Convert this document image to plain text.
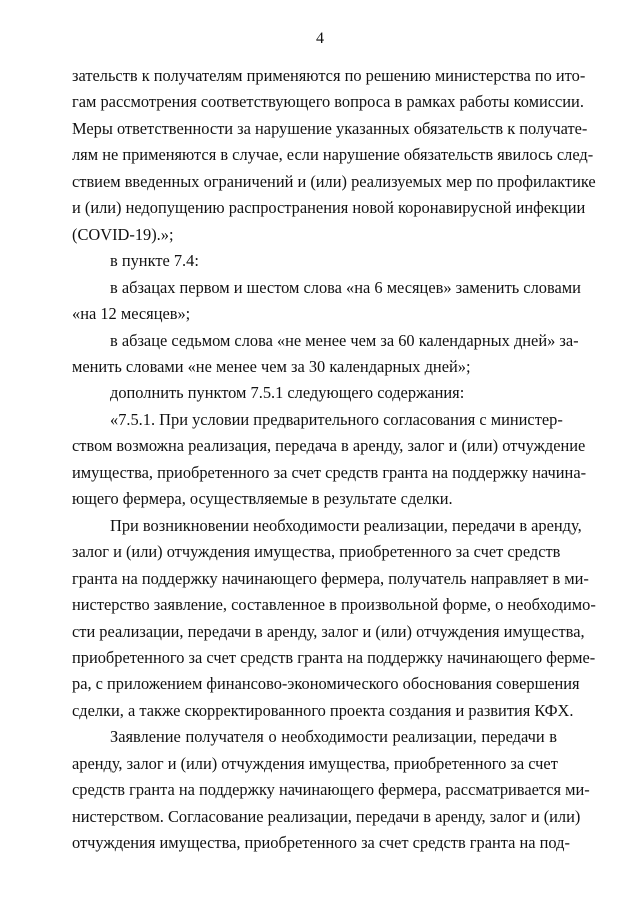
4
зательств к получателям применяются по решению министерства по ито-
гам рассмотрения соответствующего вопроса в рамках работы комиссии.
Меры ответственности за нарушение указанных обязательств к получате-
лям не применяются в случае, если нарушение обязательств явилось след-
ствием введенных ограничений и (или) реализуемых мер по профилактике
и (или) недопущению распространения новой коронавирусной инфекции
(COVID-19).»;
в пункте 7.4:
в абзацах первом и шестом слова «на 6 месяцев» заменить словами
«на 12 месяцев»;
в абзаце седьмом слова «не менее чем за 60 календарных дней» за-
менить словами «не менее чем за 30 календарных дней»;
дополнить пунктом 7.5.1 следующего содержания:
«7.5.1. При условии предварительного согласования с министер-
ством возможна реализация, передача в аренду, залог и (или) отчуждение
имущества, приобретенного за счет средств гранта на поддержку начина-
ющего фермера, осуществляемые в результате сделки.
При возникновении необходимости реализации, передачи в аренду,
залог и (или) отчуждения имущества, приобретенного за счет средств
гранта на поддержку начинающего фермера, получатель направляет в ми-
нистерство заявление, составленное в произвольной форме, о необходимо-
сти реализации, передачи в аренду, залог и (или) отчуждения имущества,
приобретенного за счет средств гранта на поддержку начинающего ферме-
ра, с приложением финансово-экономического обоснования совершения
сделки, а также скорректированного проекта создания и развития КФХ.
Заявление получателя о необходимости реализации, передачи в
аренду, залог и (или) отчуждения имущества, приобретенного за счет
средств гранта на поддержку начинающего фермера, рассматривается ми-
нистерством. Согласование реализации, передачи в аренду, залог и (или)
отчуждения имущества, приобретенного за счет средств гранта на под-
